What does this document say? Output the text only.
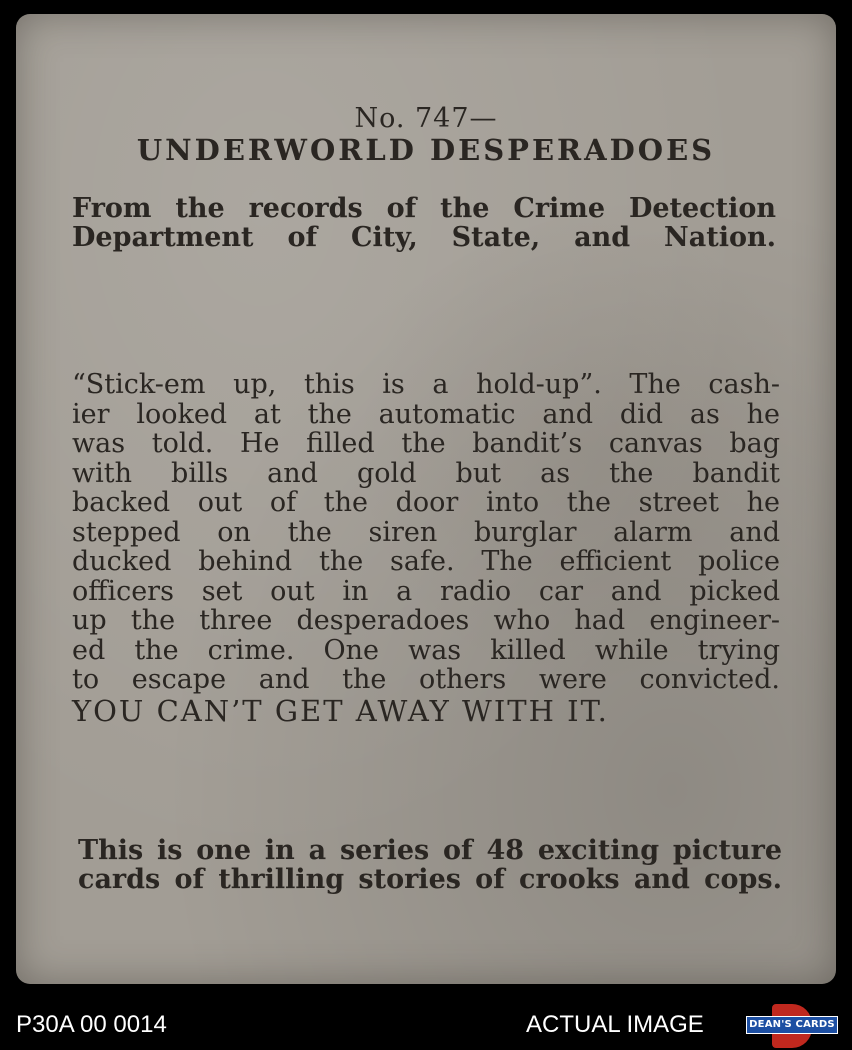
No. 747—
UNDERWORLD DESPERADOES
From the records of the Crime Detection
Department of City, State, and Nation.
“Stick-em up, this is a hold-up”. The cash-
ier looked at the automatic and did as he
was told. He filled the bandit’s canvas bag
with bills and gold but as the bandit
backed out of the door into the street he
stepped on the siren burglar alarm and
ducked behind the safe. The efficient police
officers set out in a radio car and picked
up the three desperadoes who had engineer-
ed the crime. One was killed while trying
to escape and the others were convicted.
YOU CAN’T GET AWAY WITH IT.
This is one in a series of 48 exciting picture
cards of thrilling stories of crooks and cops.
P30A 00 0014	ACTUAL IMAGE	DEAN'S CARDS
